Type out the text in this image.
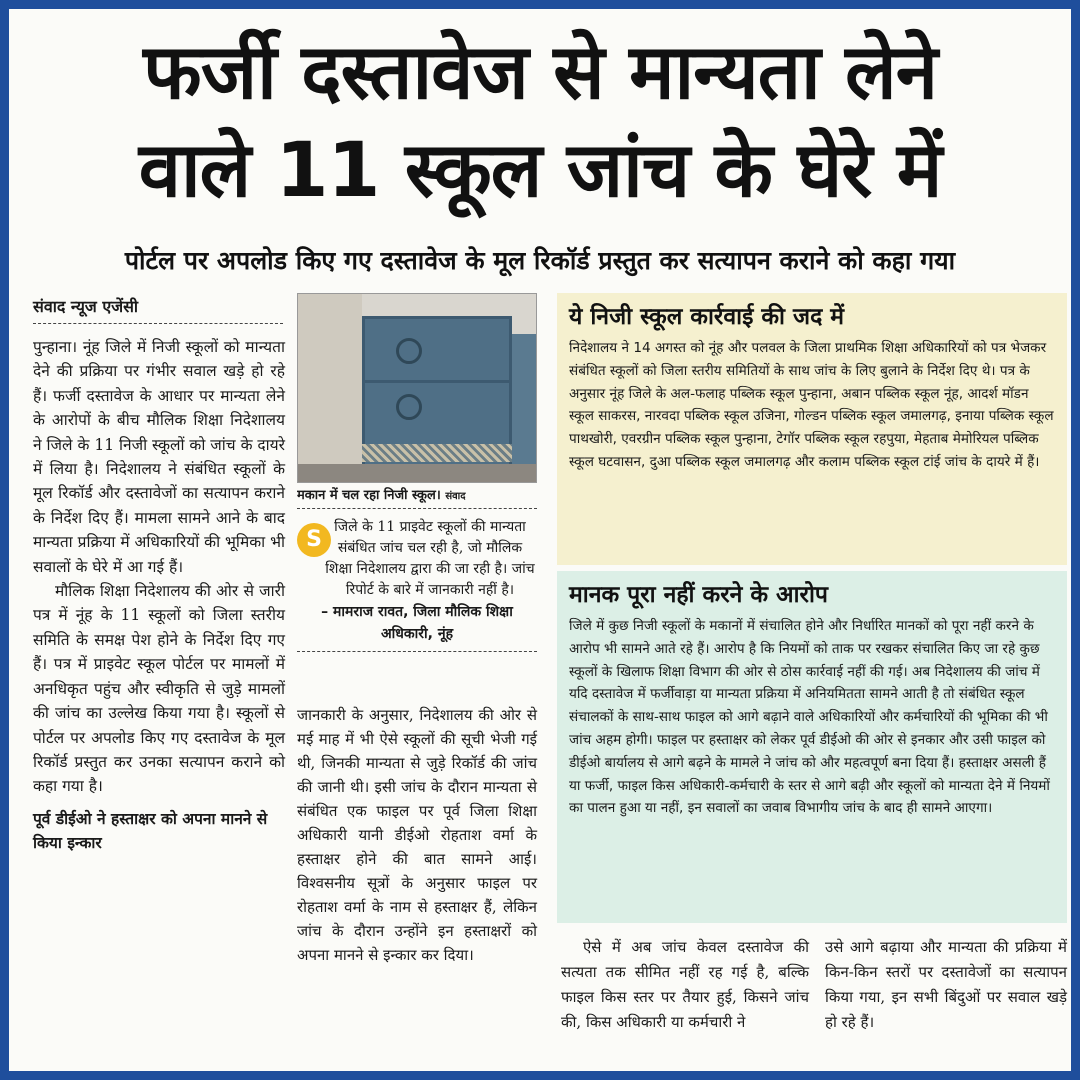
फर्जी दस्तावेज से मान्यता लेने
वाले 11 स्कूल जांच के घेरे में
पोर्टल पर अपलोड किए गए दस्तावेज के मूल रिकॉर्ड प्रस्तुत कर सत्यापन कराने को कहा गया
संवाद न्यूज एजेंसी

पुन्हाना। नूंह जिले में निजी स्कूलों को मान्यता देने की प्रक्रिया पर गंभीर सवाल खड़े हो रहे हैं। फर्जी दस्तावेज के आधार पर मान्यता लेने के आरोपों के बीच मौलिक शिक्षा निदेशालय ने जिले के 11 निजी स्कूलों को जांच के दायरे में लिया है। निदेशालय ने संबंधित स्कूलों के मूल रिकॉर्ड और दस्तावेजों का सत्यापन कराने के निर्देश दिए हैं। मामला सामने आने के बाद मान्यता प्रक्रिया में अधिकारियों की भूमिका भी सवालों के घेरे में आ गई हैं।

मौलिक शिक्षा निदेशालय की ओर से जारी पत्र में नूंह के 11 स्कूलों को जिला स्तरीय समिति के समक्ष पेश होने के निर्देश दिए गए हैं। पत्र में प्राइवेट स्कूल पोर्टल पर मामलों में अनधिकृत पहुंच और स्वीकृति से जुड़े मामलों की जांच का उल्लेख किया गया है। स्कूलों से पोर्टल पर अपलोड किए गए दस्तावेज के मूल रिकॉर्ड प्रस्तुत कर उनका सत्यापन कराने को कहा गया है।

पूर्व डीईओ ने हस्ताक्षर को अपना मानने से किया इन्कार

मकान में चल रहा निजी स्कूल। संवाद
S जिले के 11 प्राइवेट स्कूलों की मान्यता संबंधित जांच चल रही है, जो मौलिक शिक्षा निदेशालय द्वारा की जा रही है। जांच रिपोर्ट के बारे में जानकारी नहीं है।
– मामराज रावत, जिला मौलिक शिक्षा अधिकारी, नूंह

जानकारी के अनुसार, निदेशालय की ओर से मई माह में भी ऐसे स्कूलों की सूची भेजी गई थी, जिनकी मान्यता से जुड़े रिकॉर्ड की जांच की जानी थी। इसी जांच के दौरान मान्यता से संबंधित एक फाइल पर पूर्व जिला शिक्षा अधिकारी यानी डीईओ रोहताश वर्मा के हस्ताक्षर होने की बात सामने आई। विश्वसनीय सूत्रों के अनुसार फाइल पर रोहताश वर्मा के नाम से हस्ताक्षर हैं, लेकिन जांच के दौरान उन्होंने इन हस्ताक्षरों को अपना मानने से इन्कार कर दिया।

ये निजी स्कूल कार्रवाई की जद में
निदेशालय ने 14 अगस्त को नूंह और पलवल के जिला प्राथमिक शिक्षा अधिकारियों को पत्र भेजकर संबंधित स्कूलों को जिला स्तरीय समितियों के साथ जांच के लिए बुलाने के निर्देश दिए थे। पत्र के अनुसार नूंह जिले के अल-फलाह पब्लिक स्कूल पुन्हाना, अबान पब्लिक स्कूल नूंह, आदर्श मॉडन स्कूल साकरस, नारवदा पब्लिक स्कूल उजिना, गोल्डन पब्लिक स्कूल जमालगढ़, इनाया पब्लिक स्कूल पाथखोरी, एवरग्रीन पब्लिक स्कूल पुन्हाना, टेगॉर पब्लिक स्कूल रहपुया, मेहताब मेमोरियल पब्लिक स्कूल घटवासन, दुआ पब्लिक स्कूल जमालगढ़ और कलाम पब्लिक स्कूल टांई जांच के दायरे में हैं।
मानक पूरा नहीं करने के आरोप
जिले में कुछ निजी स्कूलों के मकानों में संचालित होने और निर्धारित मानकों को पूरा नहीं करने के आरोप भी सामने आते रहे हैं। आरोप है कि नियमों को ताक पर रखकर संचालित किए जा रहे कुछ स्कूलों के खिलाफ शिक्षा विभाग की ओर से ठोस कार्रवाई नहीं की गई। अब निदेशालय की जांच में यदि दस्तावेज में फर्जीवाड़ा या मान्यता प्रक्रिया में अनियमितता सामने आती है तो संबंधित स्कूल संचालकों के साथ-साथ फाइल को आगे बढ़ाने वाले अधिकारियों और कर्मचारियों की भूमिका की भी जांच अहम होगी। फाइल पर हस्ताक्षर को लेकर पूर्व डीईओ की ओर से इनकार और उसी फाइल को डीईओ बार्यालय से आगे बढ़ने के मामले ने जांच को और महत्वपूर्ण बना दिया हैं। हस्ताक्षर असली हैं या फर्जी, फाइल किस अधिकारी-कर्मचारी के स्तर से आगे बढ़ी और स्कूलों को मान्यता देने में नियमों का पालन हुआ या नहीं, इन सवालों का जवाब विभागीय जांच के बाद ही सामने आएगा।
ऐसे में अब जांच केवल दस्तावेज की सत्यता तक सीमित नहीं रह गई है, बल्कि फाइल किस स्तर पर तैयार हुई, किसने जांच की, किस अधिकारी या कर्मचारी ने
उसे आगे बढ़ाया और मान्यता की प्रक्रिया में किन-किन स्तरों पर दस्तावेजों का सत्यापन किया गया, इन सभी बिंदुओं पर सवाल खड़े हो रहे हैं।
